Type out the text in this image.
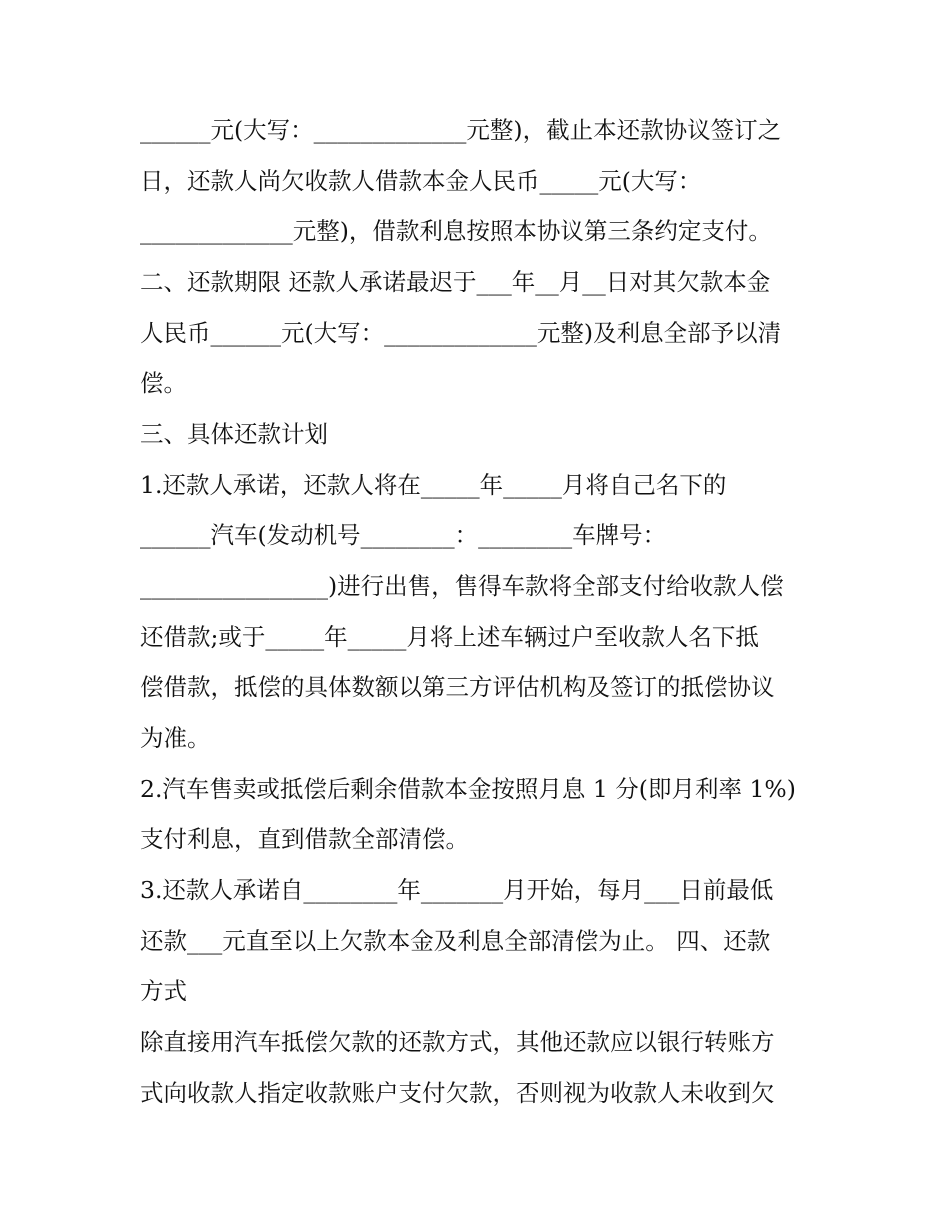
______元(大写：_____________元整)，截止本还款协议签订之
日，还款人尚欠收款人借款本金人民币_____元(大写：
_____________元整)，借款利息按照本协议第三条约定支付。
二、还款期限 还款人承诺最迟于___年__月__日对其欠款本金
人民币______元(大写：_____________元整)及利息全部予以清
偿。
三、具体还款计划
1.还款人承诺，还款人将在_____年_____月将自己名下的
______汽车(发动机号________：________车牌号：
________________)进行出售，售得车款将全部支付给收款人偿
还借款;或于_____年_____月将上述车辆过户至收款人名下抵
偿借款，抵偿的具体数额以第三方评估机构及签订的抵偿协议
为准。
2.汽车售卖或抵偿后剩余借款本金按照月息 1 分(即月利率 1%)
支付利息，直到借款全部清偿。
3.还款人承诺自________年_______月开始，每月___日前最低
还款___元直至以上欠款本金及利息全部清偿为止。 四、还款
方式
除直接用汽车抵偿欠款的还款方式，其他还款应以银行转账方
式向收款人指定收款账户支付欠款，否则视为收款人未收到欠
